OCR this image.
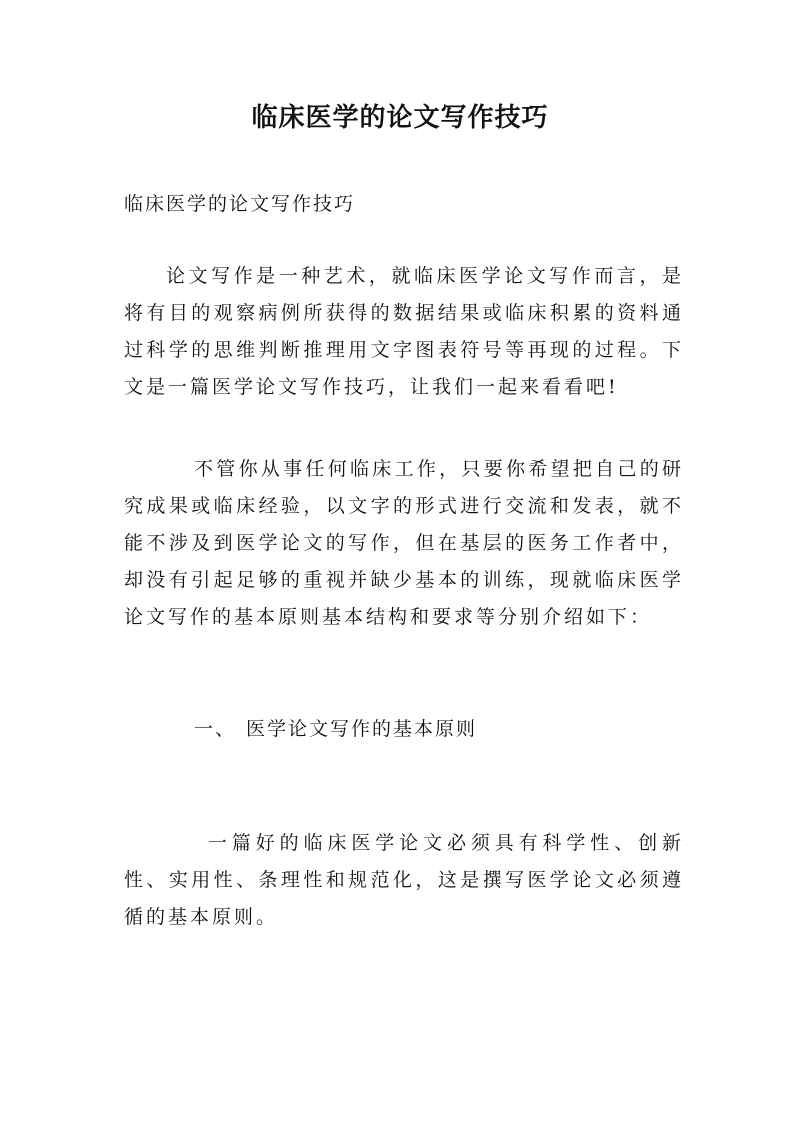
临床医学的论文写作技巧
临床医学的论文写作技巧
论文写作是一种艺术，就临床医学论文写作而言，是将有目的观察病例所获得的数据结果或临床积累的资料通过科学的思维判断推理用文字图表符号等再现的过程。下文是一篇医学论文写作技巧，让我们一起来看看吧!
不管你从事任何临床工作，只要你希望把自己的研究成果或临床经验，以文字的形式进行交流和发表，就不能不涉及到医学论文的写作，但在基层的医务工作者中，却没有引起足够的重视并缺少基本的训练，现就临床医学论文写作的基本原则基本结构和要求等分别介绍如下：
一、 医学论文写作的基本原则
一篇好的临床医学论文必须具有科学性、创新性、实用性、条理性和规范化，这是撰写医学论文必须遵循的基本原则。
